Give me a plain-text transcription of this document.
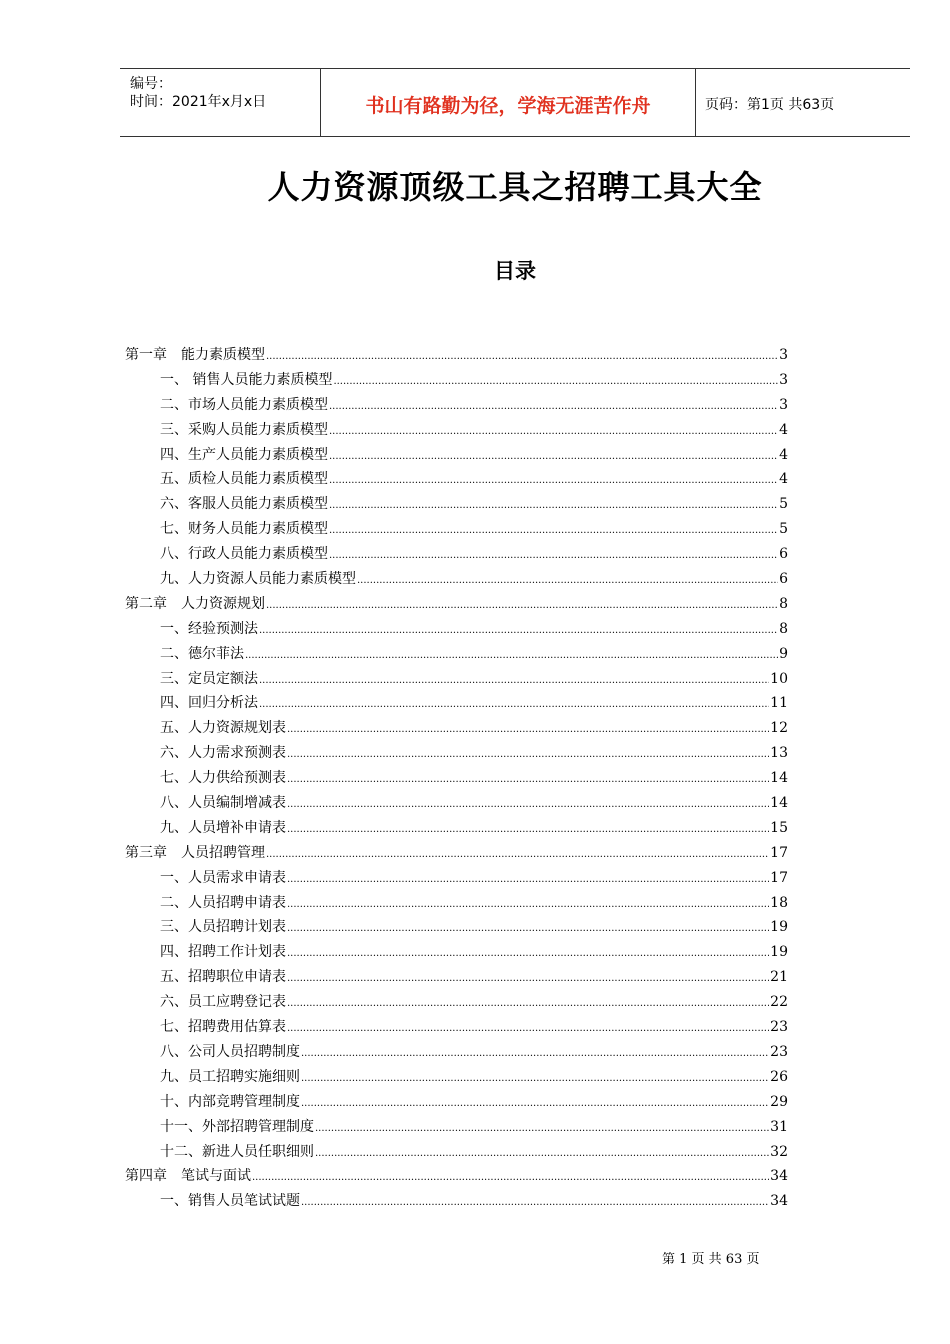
编号：
时间：2021年x月x日	书山有路勤为径，学海无涯苦作舟	页码：第1页 共63页
人力资源顶级工具之招聘工具大全
目录
第一章　能力素质模型 .....	3
一、 销售人员能力素质模型 .....	3
二、市场人员能力素质模型 .....	3
三、采购人员能力素质模型 .....	4
四、生产人员能力素质模型 .....	4
五、质检人员能力素质模型 .....	4
六、客服人员能力素质模型 .....	5
七、财务人员能力素质模型 .....	5
八、行政人员能力素质模型 .....	6
九、人力资源人员能力素质模型 .....	6
第二章　人力资源规划 .....	8
一、经验预测法 .....	8
二、德尔菲法 .....	9
三、定员定额法 .....	10
四、回归分析法 .....	11
五、人力资源规划表 .....	12
六、人力需求预测表 .....	13
七、人力供给预测表 .....	14
八、人员编制增减表 .....	14
九、人员增补申请表 .....	15
第三章　人员招聘管理 .....	17
一、人员需求申请表 .....	17
二、人员招聘申请表 .....	18
三、人员招聘计划表 .....	19
四、招聘工作计划表 .....	19
五、招聘职位申请表 .....	21
六、员工应聘登记表 .....	22
七、招聘费用估算表 .....	23
八、公司人员招聘制度 .....	23
九、员工招聘实施细则 .....	26
十、内部竞聘管理制度 .....	29
十一、外部招聘管理制度 .....	31
十二、新进人员任职细则 .....	32
第四章　笔试与面试 .....	34
一、销售人员笔试试题 .....	34
第 1 页 共 63 页
